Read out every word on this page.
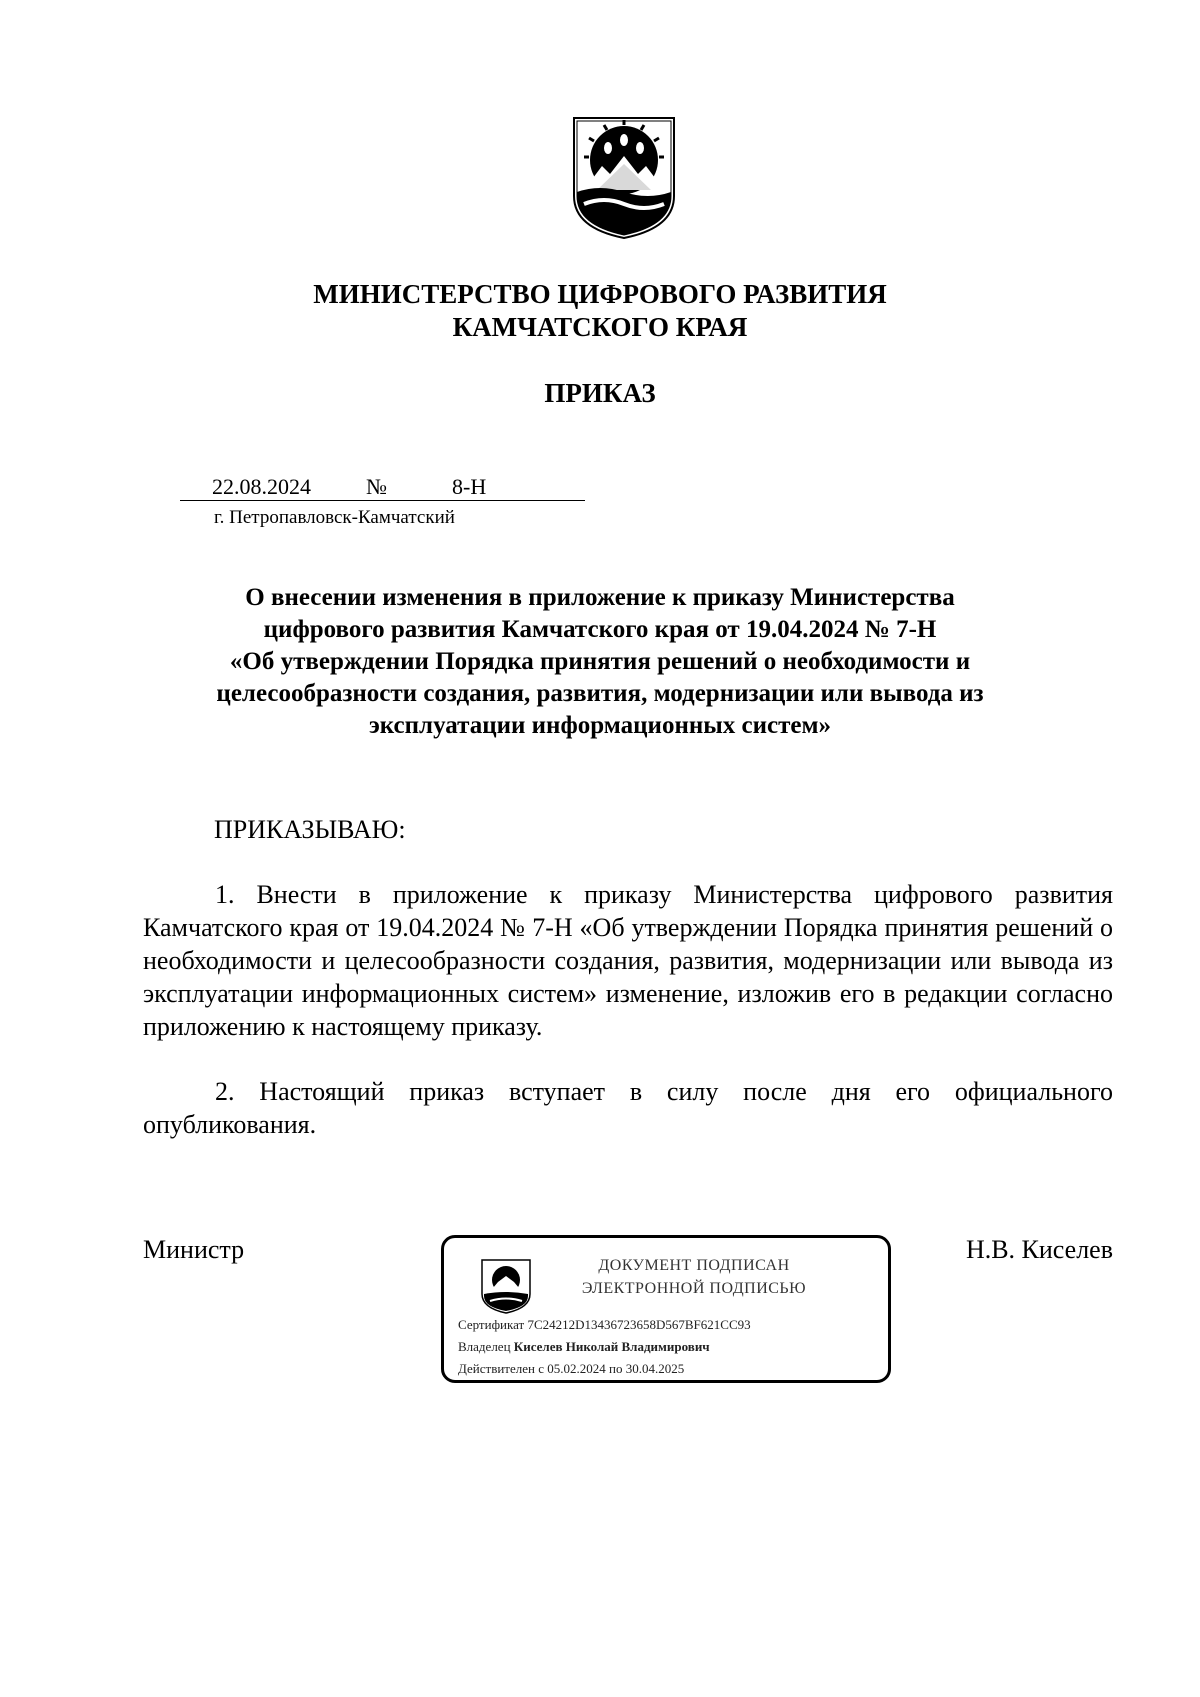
МИНИСТЕРСТВО ЦИФРОВОГО РАЗВИТИЯ
КАМЧАТСКОГО КРАЯ
ПРИКАЗ
22.08.2024	№	8-Н
г. Петропавловск-Камчатский
О внесении изменения в приложение к приказу Министерства
цифрового развития Камчатского края от 19.04.2024 № 7-Н
«Об утверждении Порядка принятия решений о необходимости и
целесообразности создания, развития, модернизации или вывода из
эксплуатации информационных систем»
ПРИКАЗЫВАЮ:
1. Внести в приложение к приказу Министерства цифрового развития Камчатского края от 19.04.2024 № 7-Н «Об утверждении Порядка принятия решений о необходимости и целесообразности создания, развития, модернизации или вывода из эксплуатации информационных систем» изменение, изложив его в редакции согласно приложению к настоящему приказу.
2. Настоящий приказ вступает в силу после дня его официального опубликования.
Министр	Н.В. Киселев
ДОКУМЕНТ ПОДПИСАН
ЭЛЕКТРОННОЙ ПОДПИСЬЮ
Сертификат 7C24212D13436723658D567BF621CC93
Владелец Киселев Николай Владимирович
Действителен с 05.02.2024 по 30.04.2025
